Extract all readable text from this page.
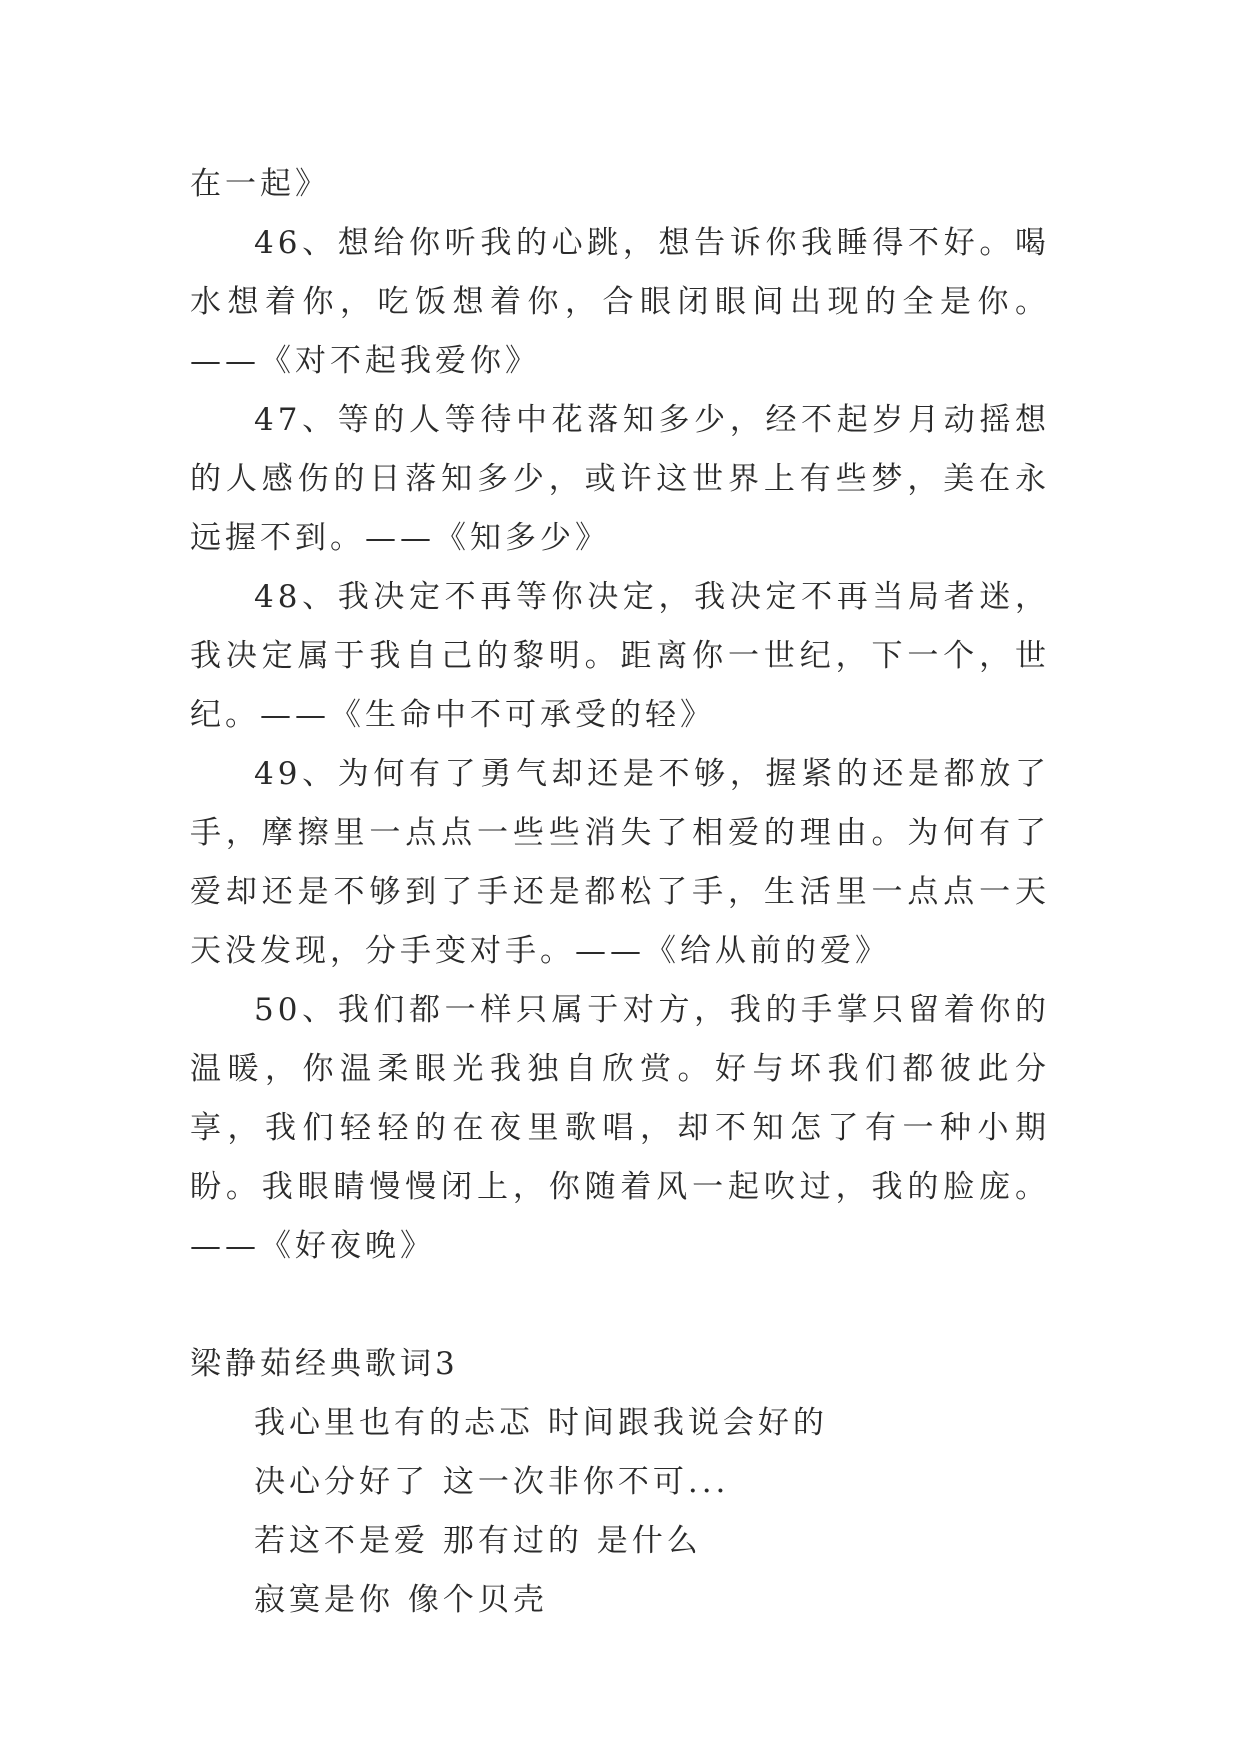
在一起》

46、想给你听我的心跳，想告诉你我睡得不好。喝水想着你，吃饭想着你，合眼闭眼间出现的全是你。——《对不起我爱你》

47、等的人等待中花落知多少，经不起岁月动摇想的人感伤的日落知多少，或许这世界上有些梦，美在永远握不到。——《知多少》

48、我决定不再等你决定，我决定不再当局者迷，我决定属于我自己的黎明。距离你一世纪，下一个，世纪。——《生命中不可承受的轻》

49、为何有了勇气却还是不够，握紧的还是都放了手，摩擦里一点点一些些消失了相爱的理由。为何有了爱却还是不够到了手还是都松了手，生活里一点点一天天没发现，分手变对手。——《给从前的爱》

50、我们都一样只属于对方，我的手掌只留着你的温暖，你温柔眼光我独自欣赏。好与坏我们都彼此分享，我们轻轻的在夜里歌唱，却不知怎了有一种小期盼。我眼睛慢慢闭上，你随着风一起吹过，我的脸庞。——《好夜晚》

梁静茹经典歌词3

我心里也有的忐忑 时间跟我说会好的

决心分好了 这一次非你不可...

若这不是爱 那有过的 是什么

寂寞是你 像个贝壳
